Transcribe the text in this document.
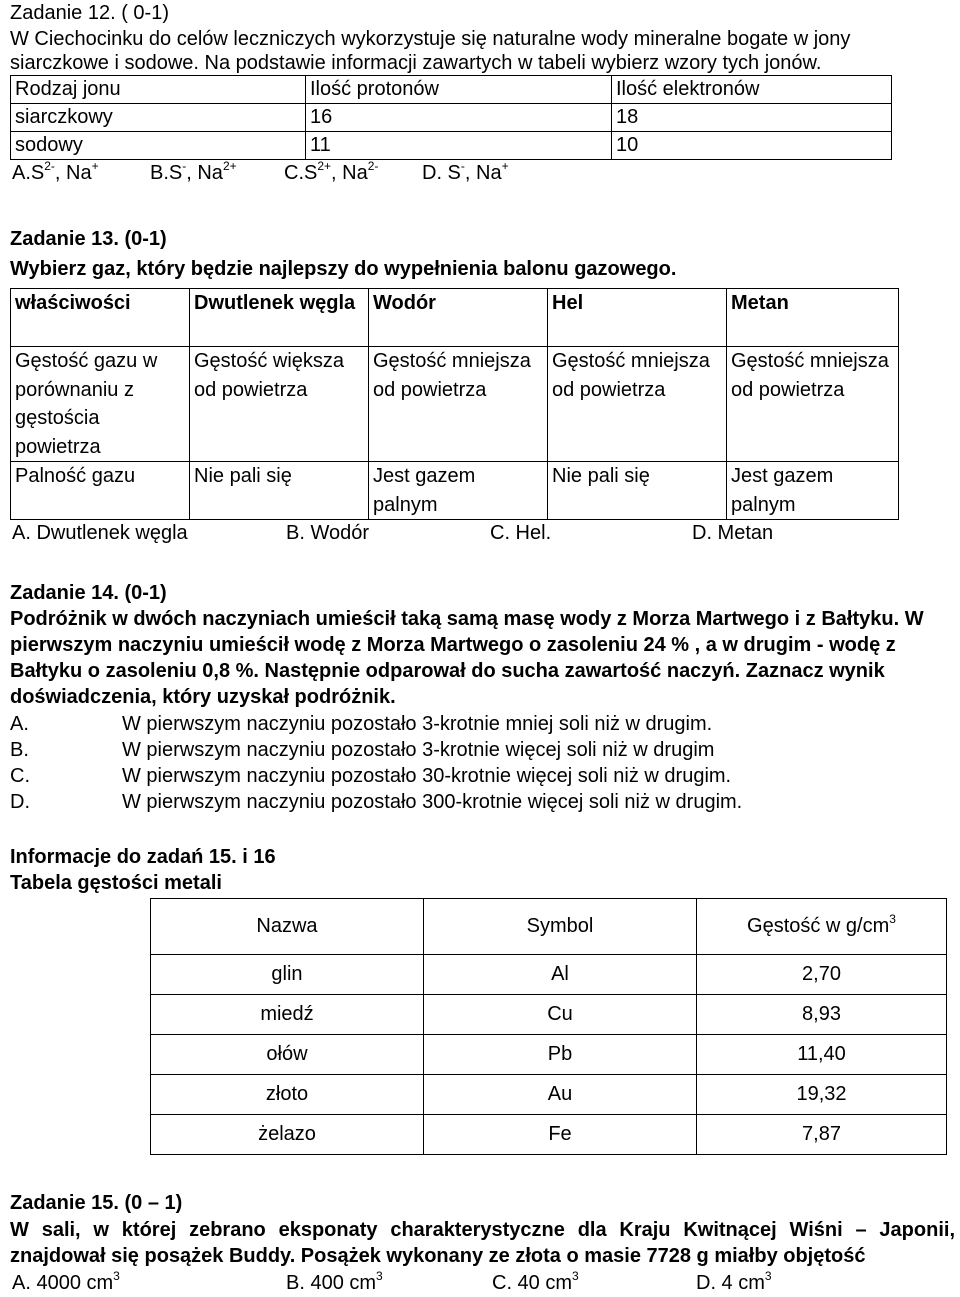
Zadanie 12. ( 0-1)
W Ciechocinku do celów leczniczych wykorzystuje się naturalne wody mineralne bogate w jony
siarczkowe i sodowe. Na podstawie informacji zawartych w tabeli wybierz wzory tych jonów.
Rodzaj jonu	Ilość protonów	Ilość elektronów
siarczkowy	16	18
sodowy	11	10
$A.S^{2-}$, Na+	B.S-, $Na^{2+}$ $C.S^{2+}$, $Na^{2-}$ D. S-, Na+
Zadanie 13. (0-1)
Wybierz gaz, który będzie najlepszy do wypełnienia balonu gazowego.
właściwości	Dwutlenek węgla	Wodór	Hel	Metan
Gęstość gazu w porównaniu z gęstościa powietrza	Gęstość większa od powietrza	Gęstość mniejsza od powietrza	Gęstość mniejsza od powietrza	Gęstość mniejsza od powietrza
Palność gazu	Nie pali się	Jest gazem palnym	Nie pali się	Jest gazem palnym
A. Dwutlenek węgla	B. Wodór	C. Hel.	D. Metan
Zadanie 14. (0-1)
Podróżnik w dwóch naczyniach umieścił taką samą masę wody z Morza Martwego i z Bałtyku. W
pierwszym naczyniu umieścił wodę z Morza Martwego o zasoleniu 24 % , a w drugim - wodę z
Bałtyku o zasoleniu 0,8 %. Następnie odparował do sucha zawartość naczyń. Zaznacz wynik
doświadczenia, który uzyskał podróżnik.
A.	W pierwszym naczyniu pozostało 3-krotnie mniej soli niż w drugim.
B.	W pierwszym naczyniu pozostało 3-krotnie więcej soli niż w drugim
C.	W pierwszym naczyniu pozostało 30-krotnie więcej soli niż w drugim.
D.	W pierwszym naczyniu pozostało 300-krotnie więcej soli niż w drugim.
Informacje do zadań 15. i 16
Tabela gęstości metali
Nazwa	Symbol	Gęstość w $g/cm^3$
glin	Al	2,70
miedź	Cu	8,93
ołów	Pb	11,40
złoto	Au	19,32
żelazo	Fe	7,87
Zadanie 15. (0 – 1)
W sali, w której zebrano eksponaty charakterystyczne dla Kraju Kwitnącej Wiśni – Japonii,
znajdował się posążek Buddy. Posążek wykonany ze złota o masie 7728 g miałby objętość
A. 4000 $cm^3$	B. 400 $cm^3$	C. 40 $cm^3$	D. 4 $cm^3$
